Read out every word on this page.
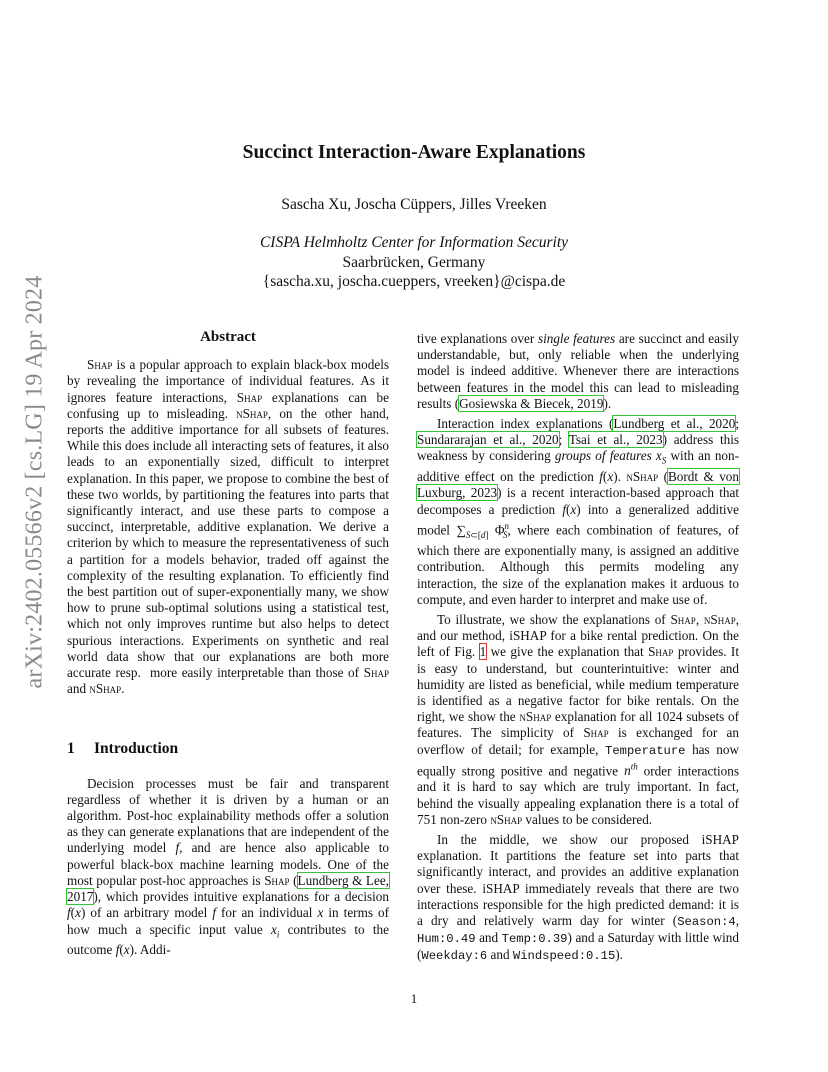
arXiv:2402.05566v2 [cs.LG] 19 Apr 2024
Succinct Interaction-Aware Explanations
Sascha Xu, Joscha Cüppers, Jilles Vreeken
CISPA Helmholtz Center for Information Security
Saarbrücken, Germany
{sascha.xu, joscha.cueppers, vreeken}@cispa.de
Abstract

Shap is a popular approach to explain black-box models by revealing the importance of individual features. As it ignores feature interactions, Shap explanations can be confusing up to misleading. nShap, on the other hand, reports the additive importance for all subsets of features. While this does include all interacting sets of features, it also leads to an exponentially sized, difficult to interpret explanation. In this paper, we propose to combine the best of these two worlds, by partitioning the features into parts that significantly interact, and use these parts to compose a succinct, interpretable, additive explanation. We derive a criterion by which to measure the representativeness of such a partition for a models behavior, traded off against the complexity of the resulting explanation. To efficiently find the best partition out of super-exponentially many, we show how to prune sub-optimal solutions using a statistical test, which not only improves runtime but also helps to detect spurious interactions. Experiments on synthetic and real world data show that our explanations are both more accurate resp.  more easily interpretable than those of Shap and nShap.

1 Introduction

Decision processes must be fair and transparent regardless of whether it is driven by a human or an algorithm. Post-hoc explainability methods offer a solution as they can generate explanations that are independent of the underlying model f, and are hence also applicable to powerful black-box machine learning models. One of the most popular post-hoc approaches is Shap (Lundberg & Lee, 2017), which provides intuitive explanations for a decision f(x) of an arbitrary model f for an individual x in terms of how much a specific input value $x_i$ contributes to the outcome f(x). Addi-

tive explanations over single features are succinct and easily understandable, but, only reliable when the underlying model is indeed additive. Whenever there are interactions between features in the model this can lead to misleading results (Gosiewska & Biecek, 2019).

Interaction index explanations (Lundberg et al., 2020; Sundararajan et al., 2020; Tsai et al., 2023) address this weakness by considering groups of features $x_S$ with an non-additive effect on the prediction f(x). nShap (Bordt & von Luxburg, 2023) is a recent interaction-based approach that decomposes a prediction f(x) into a generalized additive model $\sum_{S\subset[d]}$ $\Phi^n_S$, where each combination of features, of which there are exponentially many, is assigned an additive contribution. Although this permits modeling any interaction, the size of the explanation makes it arduous to compute, and even harder to interpret and make use of.

To illustrate, we show the explanations of Shap, nShap, and our method, iSHAP for a bike rental prediction. On the left of Fig. 1 we give the explanation that Shap provides. It is easy to understand, but counterintuitive: winter and humidity are listed as beneficial, while medium temperature is identified as a negative factor for bike rentals. On the right, we show the nShap explanation for all 1024 subsets of features. The simplicity of Shap is exchanged for an overflow of detail; for example, Temperature has now equally strong positive and negative $n^{th}$ order interactions and it is hard to say which are truly important. In fact, behind the visually appealing explanation there is a total of 751 non-zero nShap values to be considered.

In the middle, we show our proposed iSHAP explanation. It partitions the feature set into parts that significantly interact, and provides an additive explanation over these. iSHAP immediately reveals that there are two interactions responsible for the high predicted demand: it is a dry and relatively warm day for winter (Season:4, Hum:0.49 and Temp:0.39) and a Saturday with little wind (Weekday:6 and Windspeed:0.15).

1
